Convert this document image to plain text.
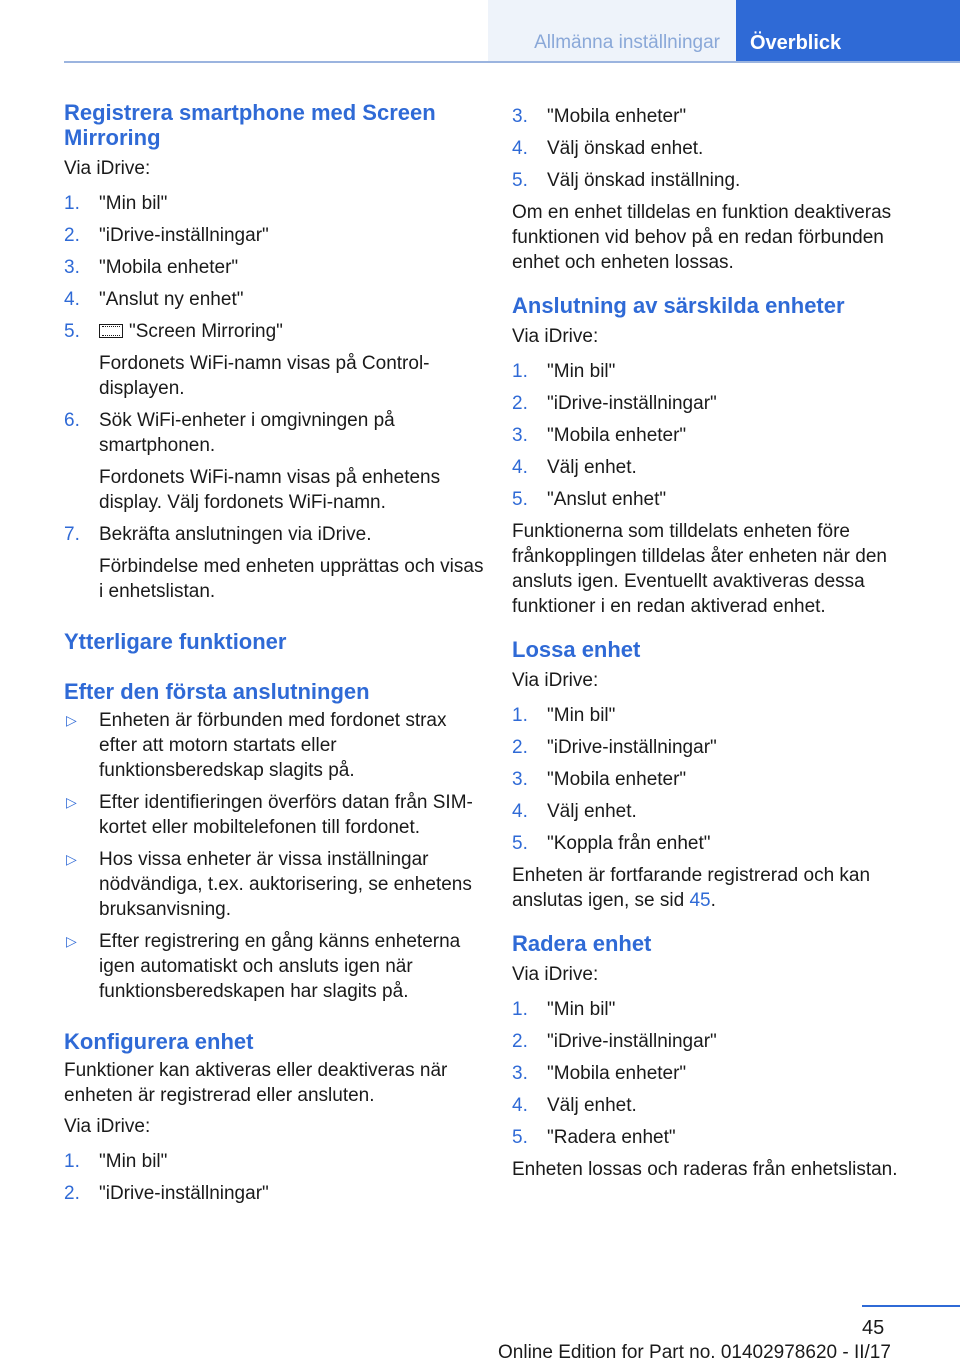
Allmänna inställningar	Överblick
Registrera smartphone med Screen Mirroring

Via iDrive:

1. "Min bil"
2. "iDrive-inställningar"
3. "Mobila enheter"
4. "Anslut ny enhet"
5.	"Screen Mirroring"
Fordonets WiFi-namn visas på Control-displayen.
6. Sök WiFi-enheter i omgivningen på smartphonen.
Fordonets WiFi-namn visas på enhetens display. Välj fordonets WiFi-namn.
7. Bekräfta anslutningen via iDrive.
Förbindelse med enheten upprättas och visas i enhetslistan.
Ytterligare funktioner
Efter den första anslutningen
▷ Enheten är förbunden med fordonet strax efter att motorn startats eller funktionsberedskap slagits på.
▷ Efter identifieringen överförs datan från SIM-kortet eller mobiltelefonen till fordonet.
▷ Hos vissa enheter är vissa inställningar nödvändiga, t.ex. auktorisering, se enhetens bruksanvisning.
▷ Efter registrering en gång känns enheterna igen automatiskt och ansluts igen när funktionsberedskapen har slagits på.
Konfigurera enhet

Funktioner kan aktiveras eller deaktiveras när enheten är registrerad eller ansluten.

Via iDrive:

1. "Min bil"
2. "iDrive-inställningar"
3. "Mobila enheter"
4. Välj önskad enhet.
5. Välj önskad inställning.

Om en enhet tilldelas en funktion deaktiveras funktionen vid behov på en redan förbunden enhet och enheten lossas.

Anslutning av särskilda enheter

Via iDrive:

1. "Min bil"
2. "iDrive-inställningar"
3. "Mobila enheter"
4. Välj enhet.
5. "Anslut enhet"

Funktionerna som tilldelats enheten före frånkopplingen tilldelas åter enheten när den ansluts igen. Eventuellt avaktiveras dessa funktioner i en redan aktiverad enhet.

Lossa enhet

Via iDrive:

1. "Min bil"
2. "iDrive-inställningar"
3. "Mobila enheter"
4. Välj enhet.
5. "Koppla från enhet"

Enheten är fortfarande registrerad och kan anslutas igen, se sid 45.

Radera enhet

Via iDrive:

1. "Min bil"
2. "iDrive-inställningar"
3. "Mobila enheter"
4. Välj enhet.
5. "Radera enhet"

Enheten lossas och raderas från enhetslistan.

45
Online Edition for Part no. 01402978620 - II/17
